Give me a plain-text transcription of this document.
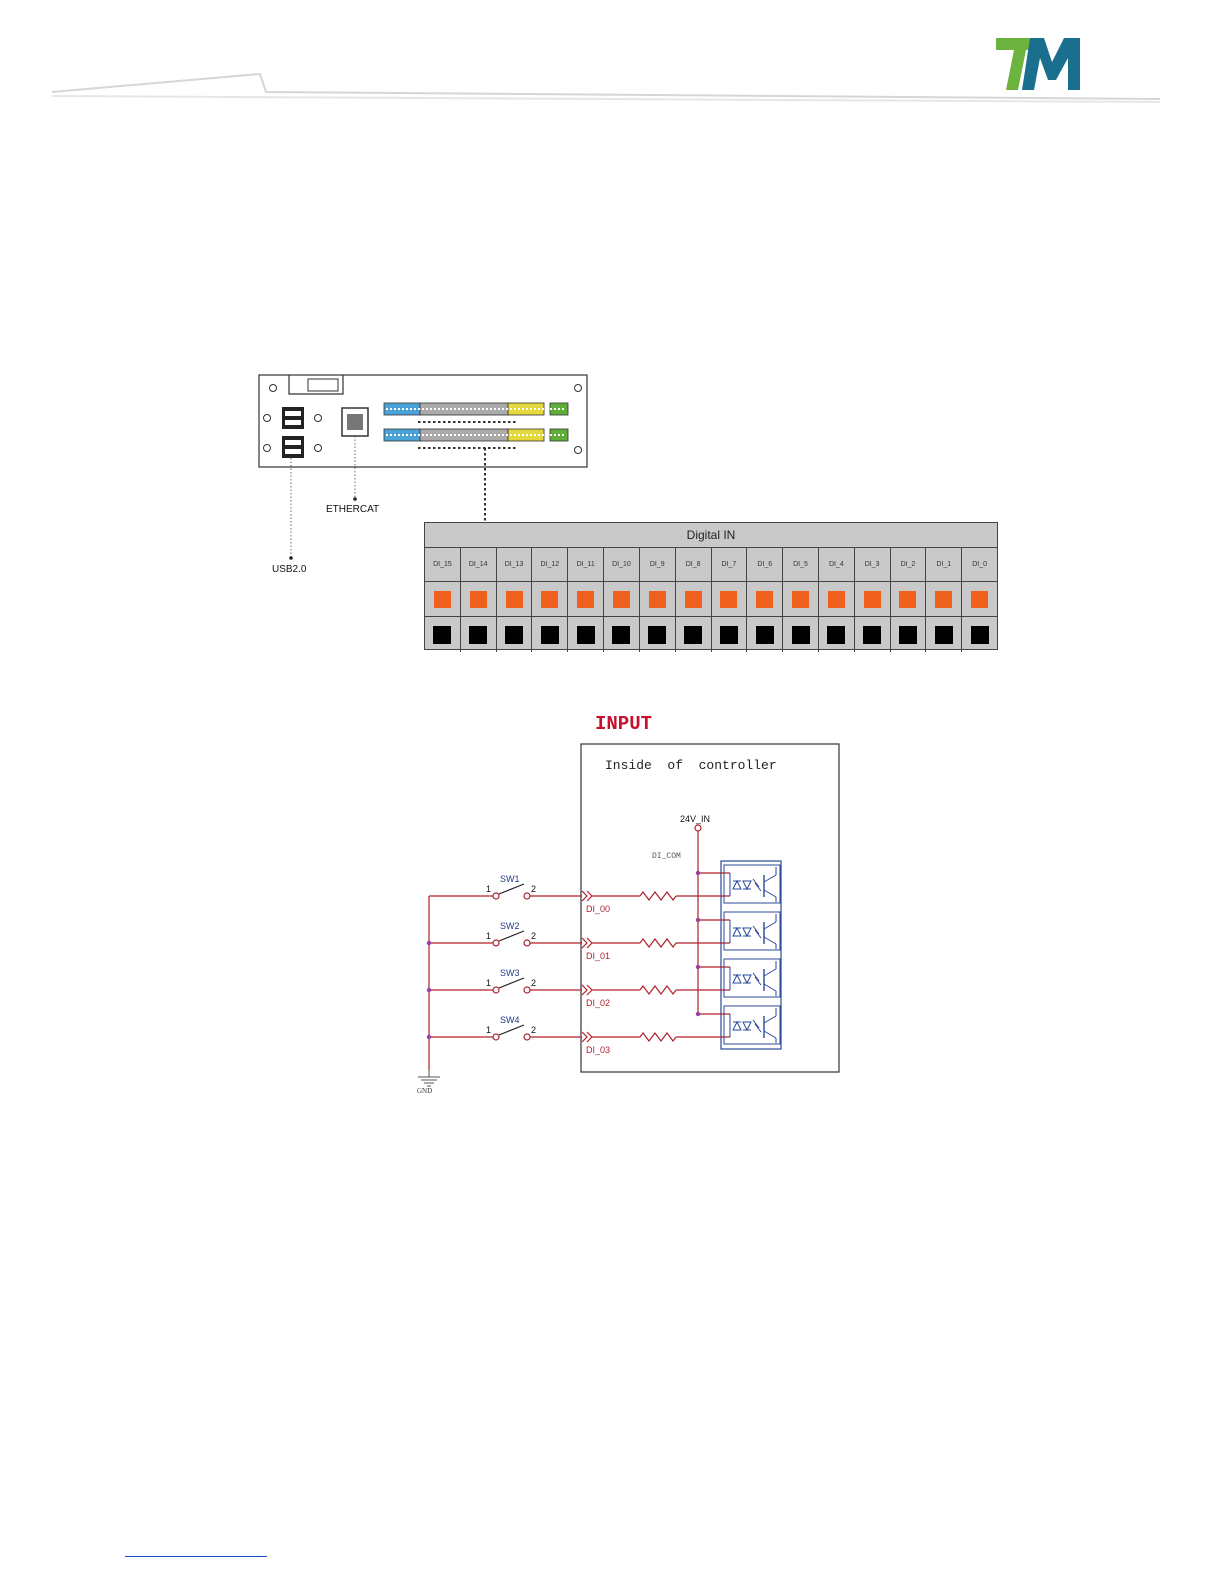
ETHERCAT
USB2.0
Digital IN
DI_15	DI_14	DI_13	DI_12	DI_11	DI_10	DI_9	DI_8	DI_7	DI_6	DI_5	DI_4	DI_3	DI_2	DI_1	DI_0
INPUT
Inside  of  controller
24V_IN
DI_COM
GND
1	2
SW1
DI_00
1	2
SW2
DI_01
1	2
SW3
DI_02
1	2
SW4
DI_03
